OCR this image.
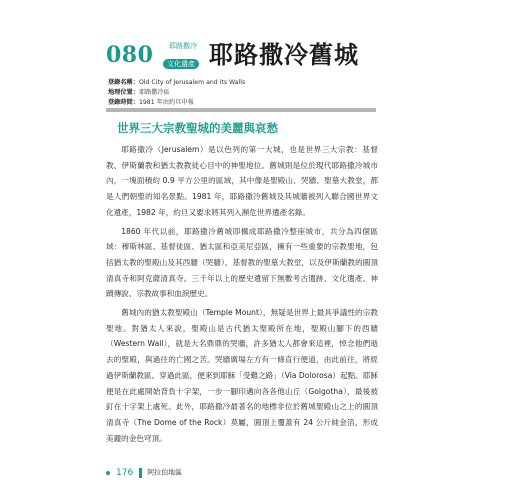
080	耶路撒冷
文化遺產 耶路撒冷舊城
登錄名稱：Old City of Jerusalem and its Walls
地理位置：耶路撒冷區
登錄時間：1981 年由約旦申報
世界三大宗教聖城的美麗與哀愁

耶路撒冷（Jerusalem）是以色列的第一大城，也是世界三大宗教：基督教、伊斯蘭教和猶太教教徒心目中的神聖地位。舊城則是位於現代耶路撒冷城市內，一塊面積約 0.9 平方公里的區域，其中像是聖殿山、哭牆、聖墓大教堂，都是人們朝聖的知名景點。1981 年，耶路撒冷舊城及其城牆被列入聯合國世界文化遺產，1982 年，約旦又要求將其列入瀕危世界遺產名錄。

1860 年代以前，耶路撒冷舊城即構成耶路撒冷整座城市，共分為四個區域：穆斯林區、基督徒區、猶太區和亞美尼亞區，擁有一些重要的宗教聖地，包括猶太教的聖殿山及其西牆（哭牆），基督教的聖墓大教堂，以及伊斯蘭教的圓頂清真寺和阿克薩清真寺。三千年以上的歷史遺留下無數考古遺跡、文化遺產、神蹟傳說、宗教故事和血淚歷史。

舊城內的猶太教聖殿山（Temple Mount），無疑是世界上最具爭議性的宗教聖地。對猶太人來說，聖殿山是古代猶太聖殿所在地，聖殿山腳下的西牆（Western Wall），就是大名鼎鼎的哭牆，許多猶太人都會來這裡，悼念他們逝去的聖殿，與過往的亡國之苦。哭牆廣場左方有一條直行便道，由此前往，將經過伊斯蘭教區。穿過此區，便來到耶穌「受難之路」（Via Dolorosa）起點。耶穌便是在此處開始背負十字架，一步一腳印邁向各各他山丘（Golgotha），最後被釘在十字架上處死。此外，耶路撒冷最著名的地標非位於舊城聖殿山之上的圓頂清真寺（The Dome of the Rock）莫屬，圓頂上覆蓋有 24 公斤純金箔，形成美麗的金色穹頂。

176 阿拉伯地區
